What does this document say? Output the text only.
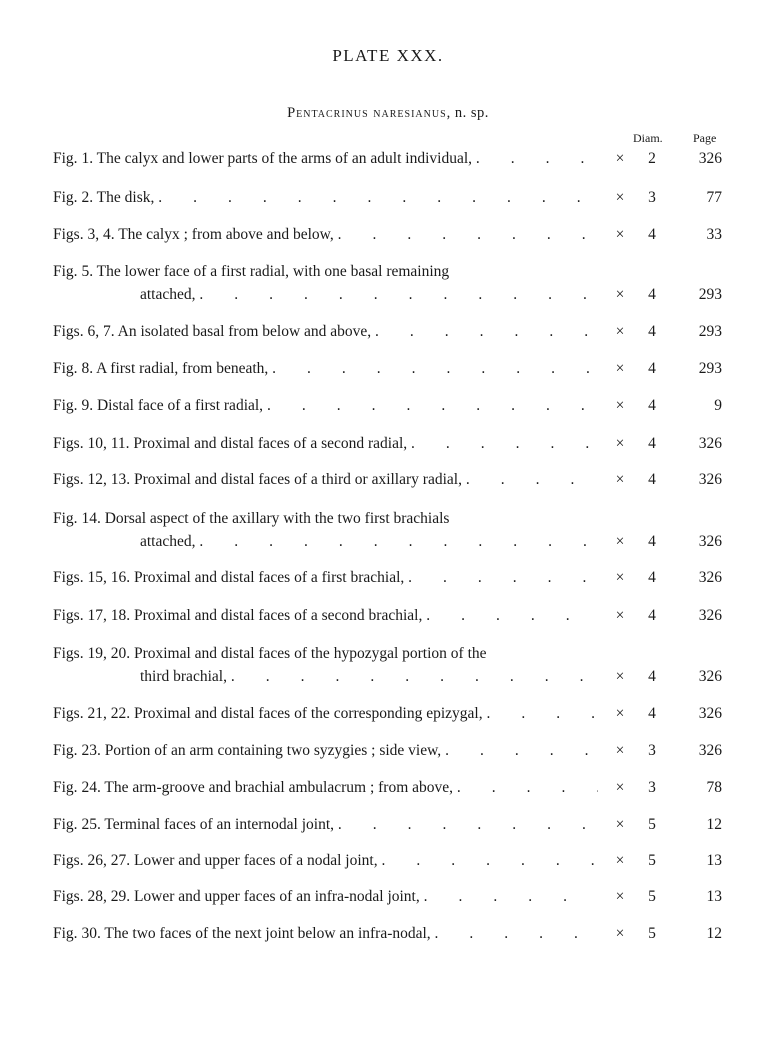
PLATE XXX.
Pentacrinus naresianus, n. sp.
Diam.	Page
Fig. 1. The calyx and lower parts of the arms of an adult individual, .	×	2	326
Fig. 2. The disk, .	×	3	77
Figs. 3, 4. The calyx ; from above and below, .	×	4	33
Fig. 5. The lower face of a first radial, with one basal remaining
attached, .	×	4	293
Figs. 6, 7. An isolated basal from below and above, .	×	4	293
Fig. 8. A first radial, from beneath, .	×	4	293
Fig. 9. Distal face of a first radial, .	×	4	9
Figs. 10, 11. Proximal and distal faces of a second radial, .	×	4	326
Figs. 12, 13. Proximal and distal faces of a third or axillary radial, .	×	4	326
Fig. 14. Dorsal aspect of the axillary with the two first brachials
attached, .	×	4	326
Figs. 15, 16. Proximal and distal faces of a first brachial, .	×	4	326
Figs. 17, 18. Proximal and distal faces of a second brachial, .	×	4	326
Figs. 19, 20. Proximal and distal faces of the hypozygal portion of the
third brachial, .	×	4	326
Figs. 21, 22. Proximal and distal faces of the corresponding epizygal, .	×	4	326
Fig. 23. Portion of an arm containing two syzygies ; side view, .	×	3	326
Fig. 24. The arm-groove and brachial ambulacrum ; from above, .	×	3	78
Fig. 25. Terminal faces of an internodal joint, .	×	5	12
Figs. 26, 27. Lower and upper faces of a nodal joint, .	×	5	13
Figs. 28, 29. Lower and upper faces of an infra-nodal joint, .	×	5	13
Fig. 30. The two faces of the next joint below an infra-nodal, .	×	5	12
